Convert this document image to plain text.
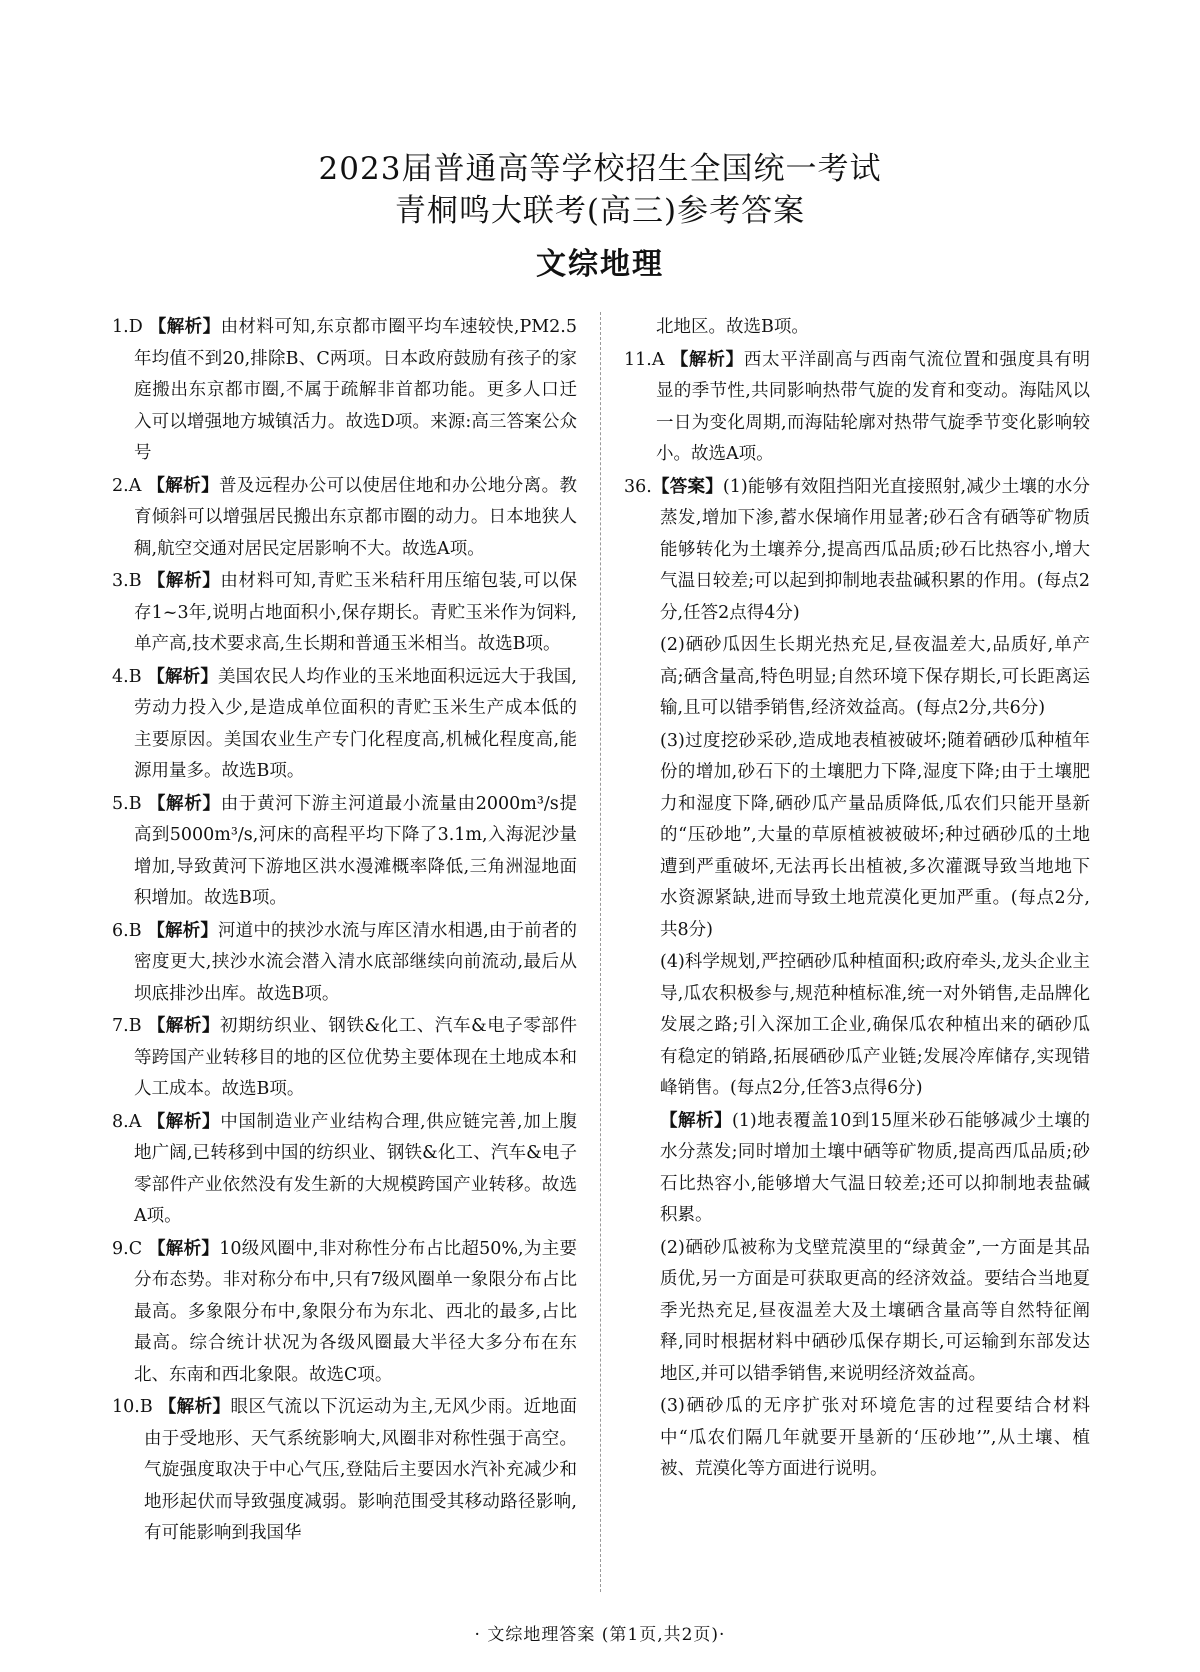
2023届普通高等学校招生全国统一考试
青桐鸣大联考(高三)参考答案
文综地理
1.D 【解析】由材料可知,东京都市圈平均车速较快,PM2.5年均值不到20,排除B、C两项。日本政府鼓励有孩子的家庭搬出东京都市圈,不属于疏解非首都功能。更多人口迁入可以增强地方城镇活力。故选D项。来源:高三答案公众号
2.A 【解析】普及远程办公可以使居住地和办公地分离。教育倾斜可以增强居民搬出东京都市圈的动力。日本地狭人稠,航空交通对居民定居影响不大。故选A项。
3.B 【解析】由材料可知,青贮玉米秸秆用压缩包装,可以保存1~3年,说明占地面积小,保存期长。青贮玉米作为饲料,单产高,技术要求高,生长期和普通玉米相当。故选B项。
4.B 【解析】美国农民人均作业的玉米地面积远远大于我国,劳动力投入少,是造成单位面积的青贮玉米生产成本低的主要原因。美国农业生产专门化程度高,机械化程度高,能源用量多。故选B项。
5.B 【解析】由于黄河下游主河道最小流量由2000m³/s提高到5000m³/s,河床的高程平均下降了3.1m,入海泥沙量增加,导致黄河下游地区洪水漫滩概率降低,三角洲湿地面积增加。故选B项。
6.B 【解析】河道中的挟沙水流与库区清水相遇,由于前者的密度更大,挟沙水流会潜入清水底部继续向前流动,最后从坝底排沙出库。故选B项。
7.B 【解析】初期纺织业、钢铁&化工、汽车&电子零部件等跨国产业转移目的地的区位优势主要体现在土地成本和人工成本。故选B项。
8.A 【解析】中国制造业产业结构合理,供应链完善,加上腹地广阔,已转移到中国的纺织业、钢铁&化工、汽车&电子零部件产业依然没有发生新的大规模跨国产业转移。故选A项。
9.C 【解析】10级风圈中,非对称性分布占比超50%,为主要分布态势。非对称分布中,只有7级风圈单一象限分布占比最高。多象限分布中,象限分布为东北、西北的最多,占比最高。综合统计状况为各级风圈最大半径大多分布在东北、东南和西北象限。故选C项。
10.B 【解析】眼区气流以下沉运动为主,无风少雨。近地面由于受地形、天气系统影响大,风圈非对称性强于高空。气旋强度取决于中心气压,登陆后主要因水汽补充减少和地形起伏而导致强度减弱。影响范围受其移动路径影响,有可能影响到我国华
北地区。故选B项。
11.A 【解析】西太平洋副高与西南气流位置和强度具有明显的季节性,共同影响热带气旋的发育和变动。海陆风以一日为变化周期,而海陆轮廓对热带气旋季节变化影响较小。故选A项。
36.【答案】(1)能够有效阻挡阳光直接照射,减少土壤的水分蒸发,增加下渗,蓄水保墒作用显著;砂石含有硒等矿物质能够转化为土壤养分,提高西瓜品质;砂石比热容小,增大气温日较差;可以起到抑制地表盐碱积累的作用。(每点2分,任答2点得4分)
(2)硒砂瓜因生长期光热充足,昼夜温差大,品质好,单产高;硒含量高,特色明显;自然环境下保存期长,可长距离运输,且可以错季销售,经济效益高。(每点2分,共6分)
(3)过度挖砂采砂,造成地表植被破坏;随着硒砂瓜种植年份的增加,砂石下的土壤肥力下降,湿度下降;由于土壤肥力和湿度下降,硒砂瓜产量品质降低,瓜农们只能开垦新的“压砂地”,大量的草原植被被破坏;种过硒砂瓜的土地遭到严重破坏,无法再长出植被,多次灌溉导致当地地下水资源紧缺,进而导致土地荒漠化更加严重。(每点2分,共8分)
(4)科学规划,严控硒砂瓜种植面积;政府牵头,龙头企业主导,瓜农积极参与,规范种植标准,统一对外销售,走品牌化发展之路;引入深加工企业,确保瓜农种植出来的硒砂瓜有稳定的销路,拓展硒砂瓜产业链;发展冷库储存,实现错峰销售。(每点2分,任答3点得6分)
【解析】(1)地表覆盖10到15厘米砂石能够减少土壤的水分蒸发;同时增加土壤中硒等矿物质,提高西瓜品质;砂石比热容小,能够增大气温日较差;还可以抑制地表盐碱积累。
(2)硒砂瓜被称为戈壁荒漠里的“绿黄金”,一方面是其品质优,另一方面是可获取更高的经济效益。要结合当地夏季光热充足,昼夜温差大及土壤硒含量高等自然特征阐释,同时根据材料中硒砂瓜保存期长,可运输到东部发达地区,并可以错季销售,来说明经济效益高。
(3)硒砂瓜的无序扩张对环境危害的过程要结合材料中“瓜农们隔几年就要开垦新的‘压砂地’”,从土壤、植被、荒漠化等方面进行说明。
· 文综地理答案 (第1页,共2页)·
